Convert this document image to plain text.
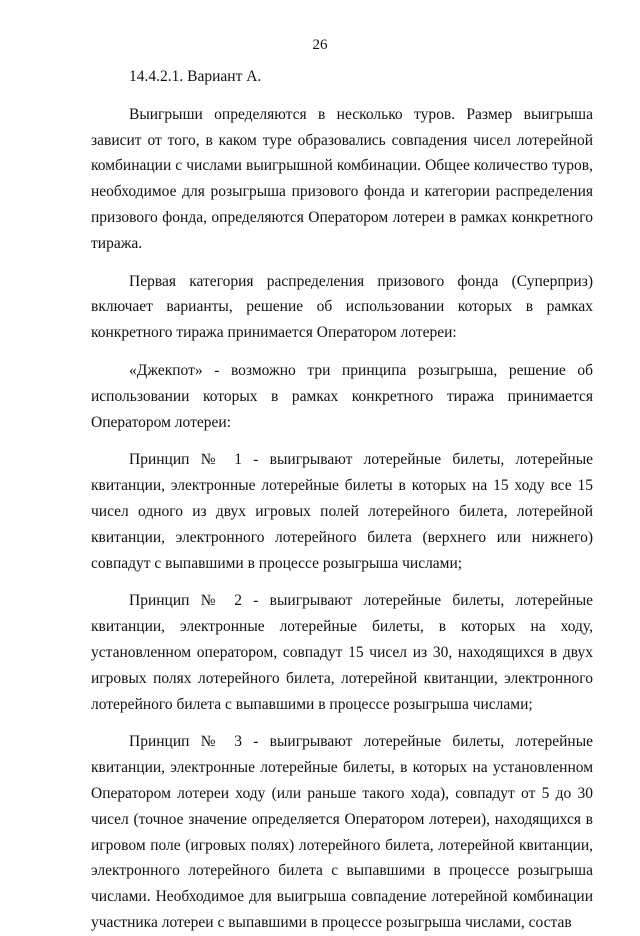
26

14.4.2.1. Вариант А.

Выигрыши определяются в несколько туров. Размер выигрыша зависит от того, в каком туре образовались совпадения чисел лотерейной комбинации с числами выигрышной комбинации. Общее количество туров, необходимое для розыгрыша призового фонда и категории распределения призового фонда, определяются Оператором лотереи в рамках конкретного тиража.

Первая категория распределения призового фонда (Суперприз) включает варианты, решение об использовании которых в рамках конкретного тиража принимается Оператором лотереи:

«Джекпот» - возможно три принципа розыгрыша, решение об использовании которых в рамках конкретного тиража принимается Оператором лотереи:

Принцип № 1 - выигрывают лотерейные билеты, лотерейные квитанции, электронные лотерейные билеты в которых на 15 ходу все 15 чисел одного из двух игровых полей лотерейного билета, лотерейной квитанции, электронного лотерейного билета (верхнего или нижнего) совпадут с выпавшими в процессе розыгрыша числами;

Принцип № 2 - выигрывают лотерейные билеты, лотерейные квитанции, электронные лотерейные билеты, в которых на ходу, установленном оператором, совпадут 15 чисел из 30, находящихся в двух игровых полях лотерейного билета, лотерейной квитанции, электронного лотерейного билета с выпавшими в процессе розыгрыша числами;

Принцип № 3 - выигрывают лотерейные билеты, лотерейные квитанции, электронные лотерейные билеты, в которых на установленном Оператором лотереи ходу (или раньше такого хода), совпадут от 5 до 30 чисел (точное значение определяется Оператором лотереи), находящихся в игровом поле (игровых полях) лотерейного билета, лотерейной квитанции, электронного лотерейного билета с выпавшими в процессе розыгрыша числами. Необходимое для выигрыша совпадение лотерейной комбинации участника лотереи с выпавшими в процессе розыгрыша числами, состав
